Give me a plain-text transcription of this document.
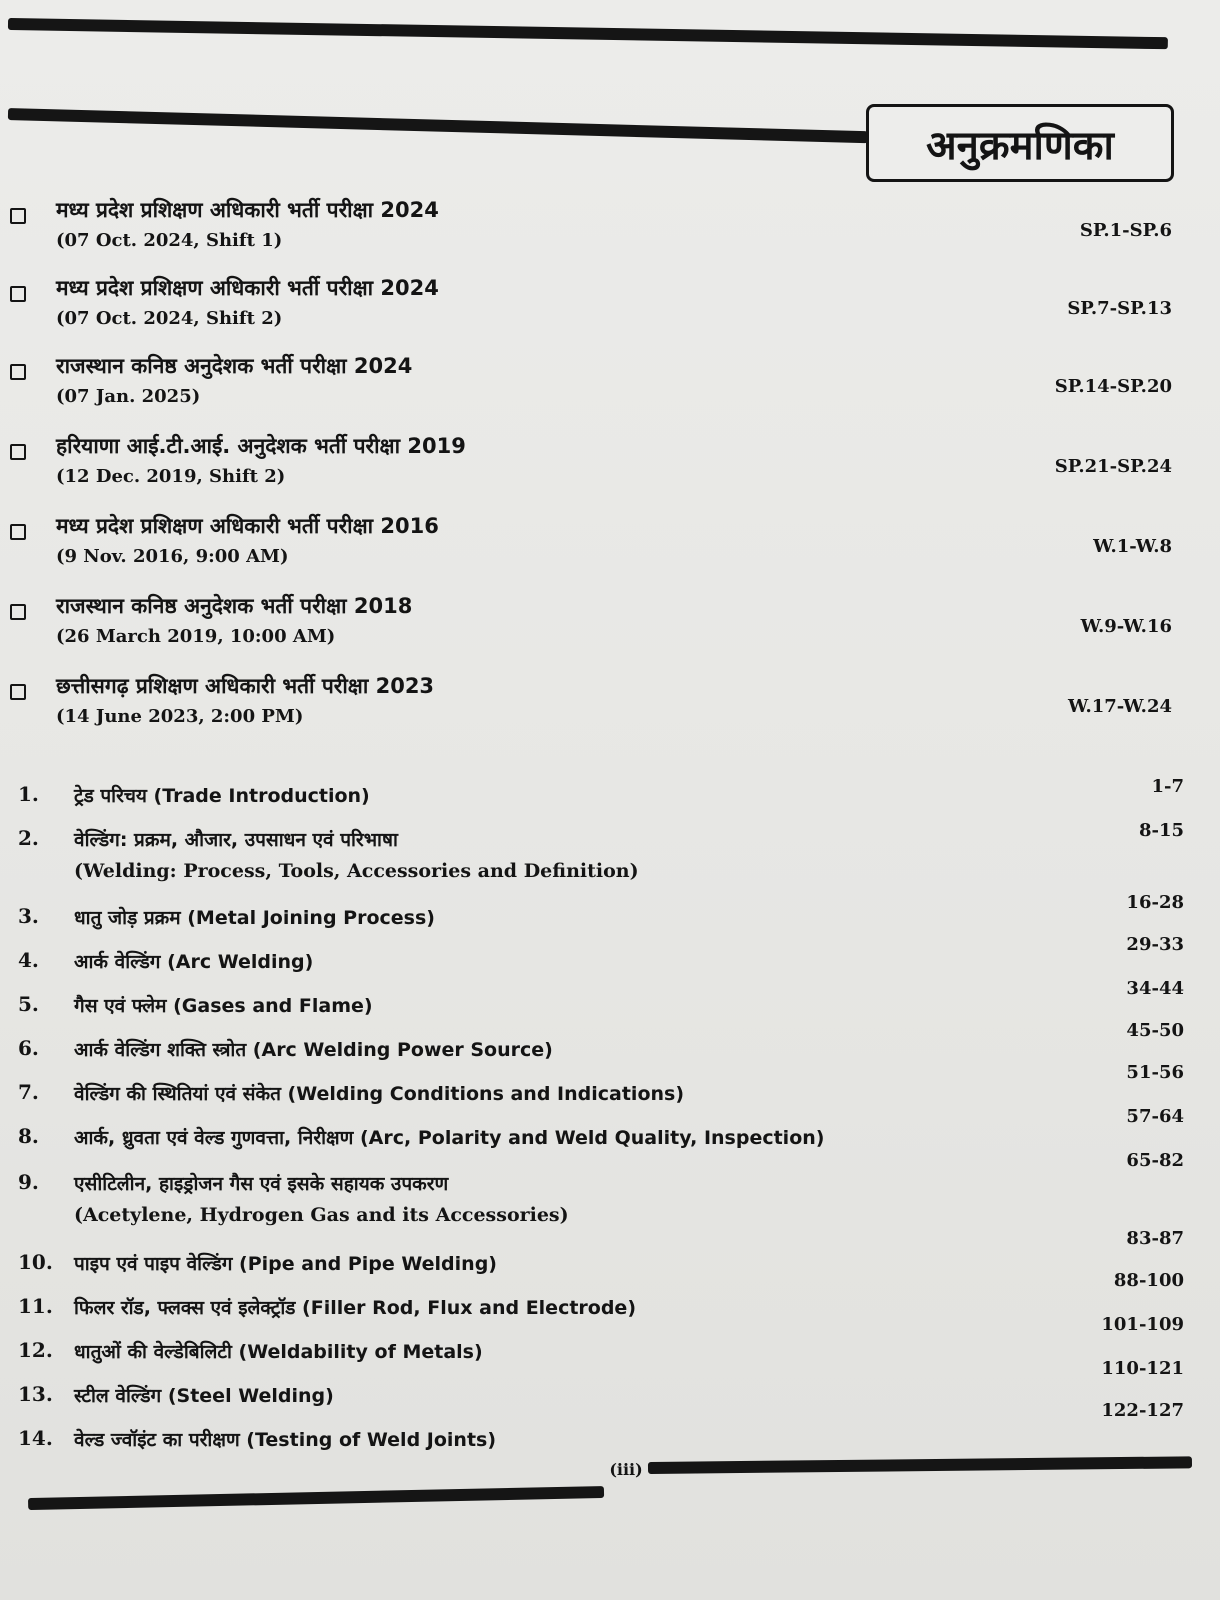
अनुक्रमणिका
मध्य प्रदेश प्रशिक्षण अधिकारी भर्ती परीक्षा 2024
(07 Oct. 2024, Shift 1)	SP.1-SP.6
मध्य प्रदेश प्रशिक्षण अधिकारी भर्ती परीक्षा 2024
(07 Oct. 2024, Shift 2)	SP.7-SP.13
राजस्थान कनिष्ठ अनुदेशक भर्ती परीक्षा 2024
(07 Jan. 2025)	SP.14-SP.20
हरियाणा आई.टी.आई. अनुदेशक भर्ती परीक्षा 2019
(12 Dec. 2019, Shift 2)	SP.21-SP.24
मध्य प्रदेश प्रशिक्षण अधिकारी भर्ती परीक्षा 2016
(9 Nov. 2016, 9:00 AM)	W.1-W.8
राजस्थान कनिष्ठ अनुदेशक भर्ती परीक्षा 2018
(26 March 2019, 10:00 AM)	W.9-W.16
छत्तीसगढ़ प्रशिक्षण अधिकारी भर्ती परीक्षा 2023
(14 June 2023, 2:00 PM)	W.17-W.24
1.	ट्रेड परिचय (Trade Introduction)	1-7
2.	वेल्डिंग: प्रक्रम, औजार, उपसाधन एवं परिभाषा
(Welding: Process, Tools, Accessories and Definition)
8-15
3.	धातु जोड़ प्रक्रम (Metal Joining Process)
16-28
4.	आर्क वेल्डिंग (Arc Welding)
29-33
5.	गैस एवं फ्लेम (Gases and Flame)
34-44
6.	आर्क वेल्डिंग शक्ति स्त्रोत (Arc Welding Power Source)
45-50
7.	वेल्डिंग की स्थितियां एवं संकेत (Welding Conditions and Indications)
51-56
8.	आर्क, ध्रुवता एवं वेल्ड गुणवत्ता, निरीक्षण (Arc, Polarity and Weld Quality, Inspection)
57-64
9.	एसीटिलीन, हाइड्रोजन गैस एवं इसके सहायक उपकरण
(Acetylene, Hydrogen Gas and its Accessories)
65-82
10. पाइप एवं पाइप वेल्डिंग (Pipe and Pipe Welding)
83-87
11. फिलर रॉड, फ्लक्स एवं इलेक्ट्रॉड (Filler Rod, Flux and Electrode)
88-100
12. धातुओं की वेल्डेबिलिटी (Weldability of Metals)
101-109
13. स्टील वेल्डिंग (Steel Welding)
110-121
14. वेल्ड ज्वॉइंट का परीक्षण (Testing of Weld Joints)
122-127
(iii)
